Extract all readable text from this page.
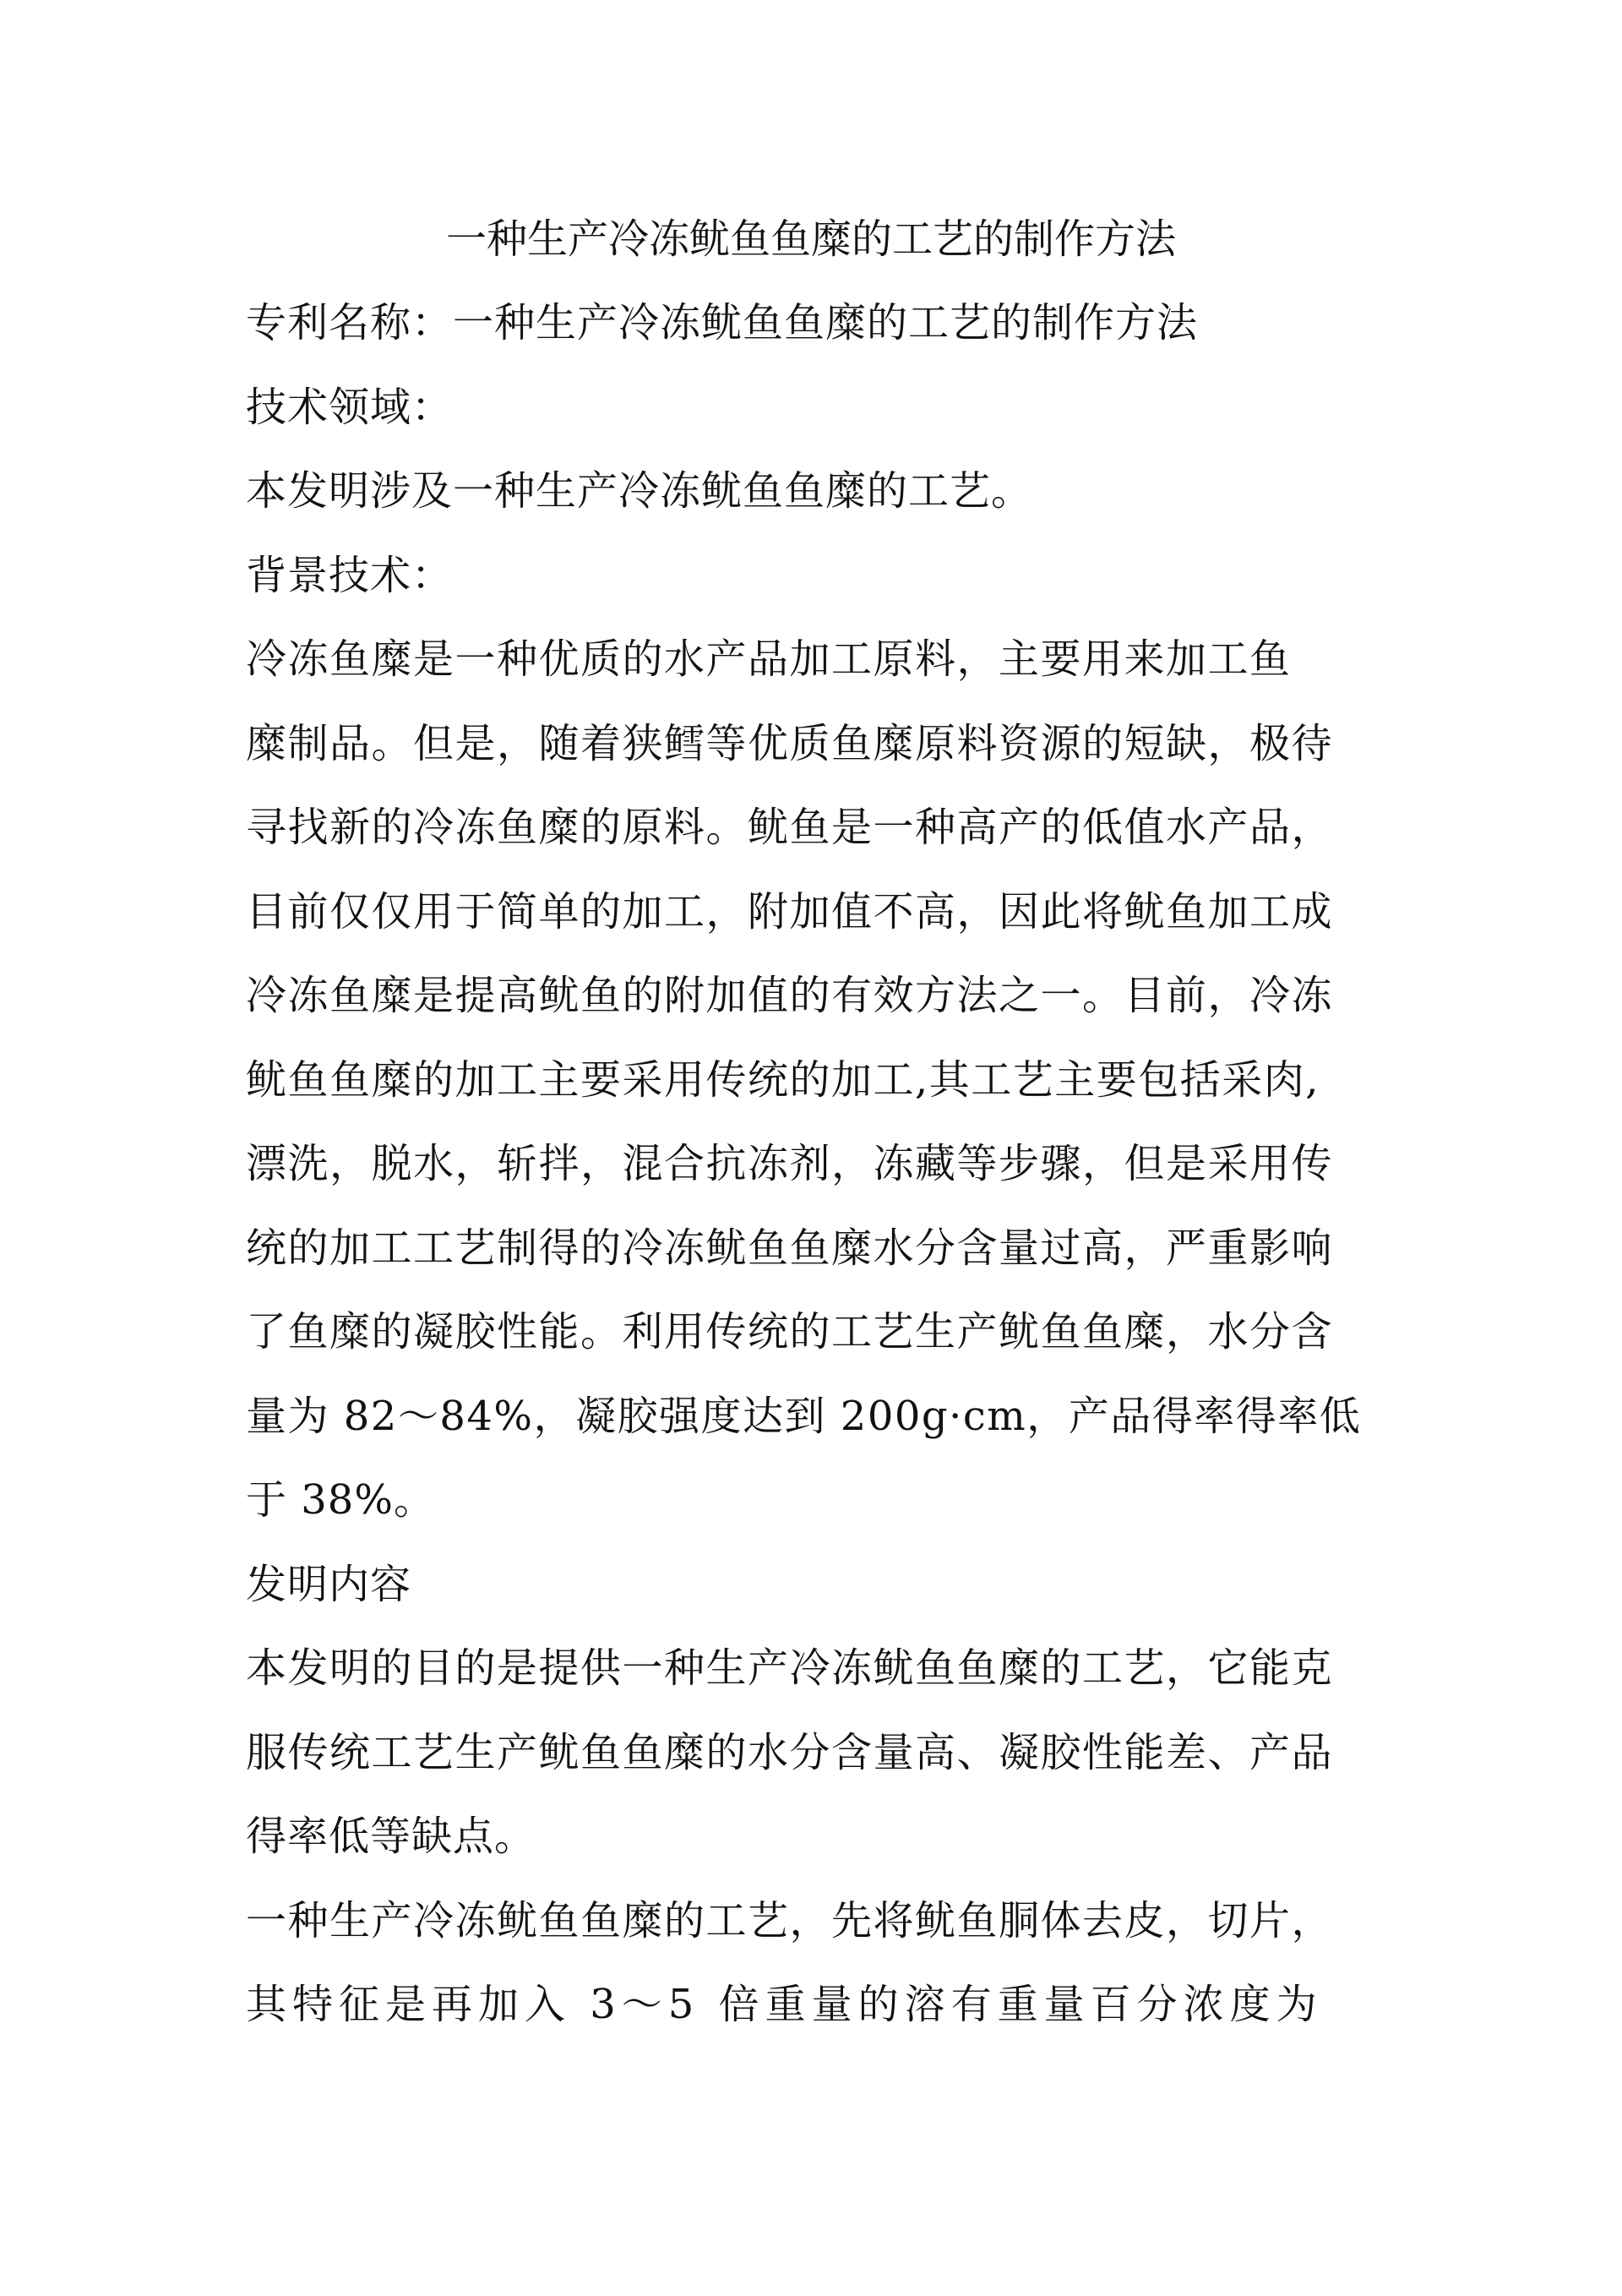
一种生产冷冻鱿鱼鱼糜的工艺的制作方法
专利名称：一种生产冷冻鱿鱼鱼糜的工艺的制作方法
技术领域：
本发明涉及一种生产冷冻鱿鱼鱼糜的工艺。
背景技术：
冷冻鱼糜是一种优质的水产品加工原料，主要用来加工鱼
糜制品。但是，随着狭鳕等优质鱼糜原料资源的短缺，极待
寻找新的冷冻鱼糜的原料。鱿鱼是一种高产的低值水产品，
目前仅仅用于简单的加工，附加值不高，因此将鱿鱼加工成
冷冻鱼糜是提高鱿鱼的附加值的有效方法之一。目前，冷冻
鱿鱼鱼糜的加工主要采用传统的加工,其工艺主要包括采肉,
漂洗，脱水，斩拌，混合抗冻剂，冻藏等步骤，但是采用传
统的加工工艺制得的冷冻鱿鱼鱼糜水分含量过高，严重影响
了鱼糜的凝胶性能。利用传统的工艺生产鱿鱼鱼糜，水分含
量为 82～84%，凝胶强度达到 200g·cm，产品得率得率低
于 38%。
发明内容
本发明的目的是提供一种生产冷冻鱿鱼鱼糜的工艺，它能克
服传统工艺生产鱿鱼鱼糜的水分含量高、凝胶性能差、产品
得率低等缺点。
一种生产冷冻鱿鱼鱼糜的工艺，先将鱿鱼胴体去皮，切片，
其特征是再加入 3～5 倍重量的溶有重量百分浓度为
